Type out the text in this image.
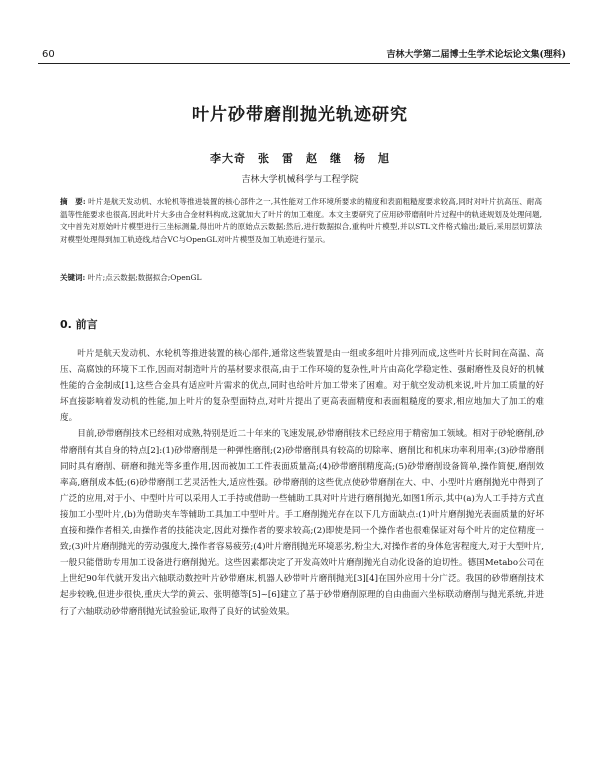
60	吉林大学第二届博士生学术论坛论文集(理科)
叶片砂带磨削抛光轨迹研究
李大奇　张　雷　赵　继　杨　旭
吉林大学机械科学与工程学院
摘　要: 叶片是航天发动机、水轮机等推进装置的核心部件之一,其性能对工作环境所要求的精度和表面粗糙度要求较高,同时对叶片抗高压、耐高温等性能要求也很高,因此叶片大多由合金材料构成,这就加大了叶片的加工难度。本文主要研究了应用砂带磨削叶片过程中的轨迹规划及处理问题,文中首先对原始叶片模型进行三坐标测量,得出叶片的原始点云数据;然后,进行数据拟合,重构叶片模型,并以STL文件格式输出;最后,采用层切算法对模型处理得到加工轨迹线,结合VC与OpenGL对叶片模型及加工轨迹进行显示。
关键词: 叶片;点云数据;数据拟合;OpenGL
0. 前言

叶片是航天发动机、水轮机等推进装置的核心部件,通常这些装置是由一组或多组叶片排列而成,这些叶片长时间在高温、高压、高腐蚀的环境下工作,因而对制造叶片的基材要求很高,由于工作环境的复杂性,叶片由高化学稳定性、强耐磨性及良好的机械性能的合金制成[1],这些合金具有适应叶片需求的优点,同时也给叶片加工带来了困难。对于航空发动机来说,叶片加工质量的好坏直接影响着发动机的性能,加上叶片的复杂型面特点,对叶片提出了更高表面精度和表面粗糙度的要求,相应地加大了加工的难度。

目前,砂带磨削技术已经相对成熟,特别是近二十年来的飞速发展,砂带磨削技术已经应用于精密加工领域。相对于砂轮磨削,砂带磨削有其自身的特点[2]:(1)砂带磨削是一种弹性磨削;(2)砂带磨削具有较高的切除率、磨削比和机床功率利用率;(3)砂带磨削同时具有磨削、研磨和抛光等多重作用,因而被加工工件表面质量高;(4)砂带磨削精度高;(5)砂带磨削设备简单,操作简便,磨削效率高,磨削成本低;(6)砂带磨削工艺灵活性大,适应性强。砂带磨削的这些优点使砂带磨削在大、中、小型叶片磨削抛光中得到了广泛的应用,对于小、中型叶片可以采用人工手持或借助一些辅助工具对叶片进行磨削抛光,如图1所示,其中(a)为人工手持方式直接加工小型叶片,(b)为借助夹车等辅助工具加工中型叶片。手工磨削抛光存在以下几方面缺点:(1)叶片磨削抛光表面质量的好坏直接和操作者相关,由操作者的技能决定,因此对操作者的要求较高;(2)即使是同一个操作者也很难保证对每个叶片的定位精度一致;(3)叶片磨削抛光的劳动强度大,操作者容易疲劳;(4)叶片磨削抛光环境恶劣,粉尘大,对操作者的身体危害程度大,对于大型叶片,一般只能借助专用加工设备进行磨削抛光。这些因素都决定了开发高效叶片磨削抛光自动化设备的迫切性。德国Metabo公司在上世纪90年代就开发出六轴联动数控叶片砂带磨床,机器人砂带叶片磨削抛光[3][4]在国外应用十分广泛。我国的砂带磨削技术起步较晚,但进步很快,重庆大学的黄云、张明德等[5]~[6]建立了基于砂带磨削原理的自由曲面六坐标联动磨削与抛光系统,并进行了六轴联动砂带磨削抛光试验验证,取得了良好的试验效果。
